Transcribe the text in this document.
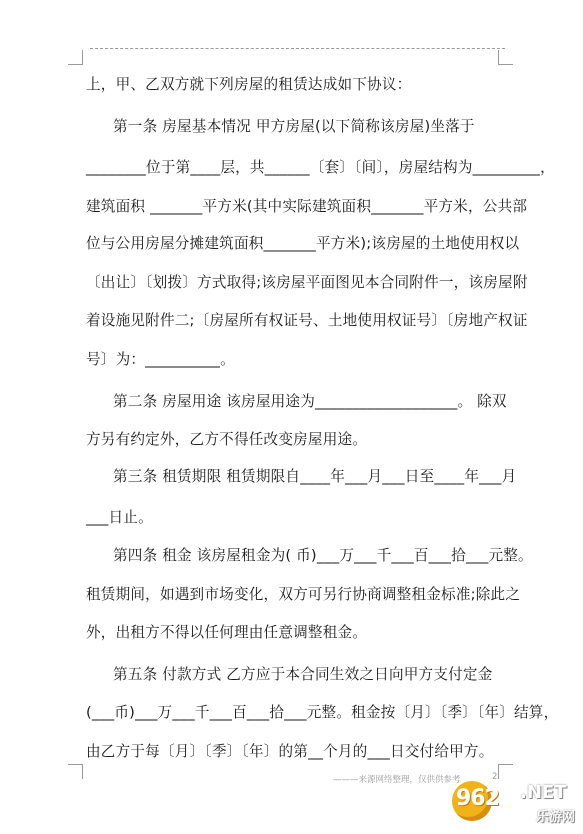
上，甲、乙双方就下列房屋的租赁达成如下协议：
第一条 房屋基本情况 甲方房屋(以下简称该房屋)坐落于
________位于第____层，共______〔套〕〔间〕，房屋结构为_________，
建筑面积 _______平方米(其中实际建筑面积_______平方米，公共部
位与公用房屋分摊建筑面积_______平方米);该房屋的土地使用权以
〔出让〕〔划拨〕方式取得;该房屋平面图见本合同附件一，该房屋附
着设施见附件二;〔房屋所有权证号、土地使用权证号〕〔房地产权证
号〕为：__________。
第二条 房屋用途 该房屋用途为___________________。 除双
方另有约定外，乙方不得任改变房屋用途。
第三条 租赁期限 租赁期限自____年___月___日至____年___月
___日止。
第四条 租金 该房屋租金为( 币)___万___千___百___拾___元整。
租赁期间，如遇到市场变化，双方可另行协商调整租金标准;除此之
外，出租方不得以任何理由任意调整租金。
第五条 付款方式 乙方应于本合同生效之日向甲方支付定金
(___币)___万___千___百___拾___元整。租金按〔月〕〔季〕〔年〕结算，
由乙方于每〔月〕〔季〕〔年〕的第__个月的___日交付给甲方。
———来源网络整理，仅供供参考	2
962 .NET
乐游网
